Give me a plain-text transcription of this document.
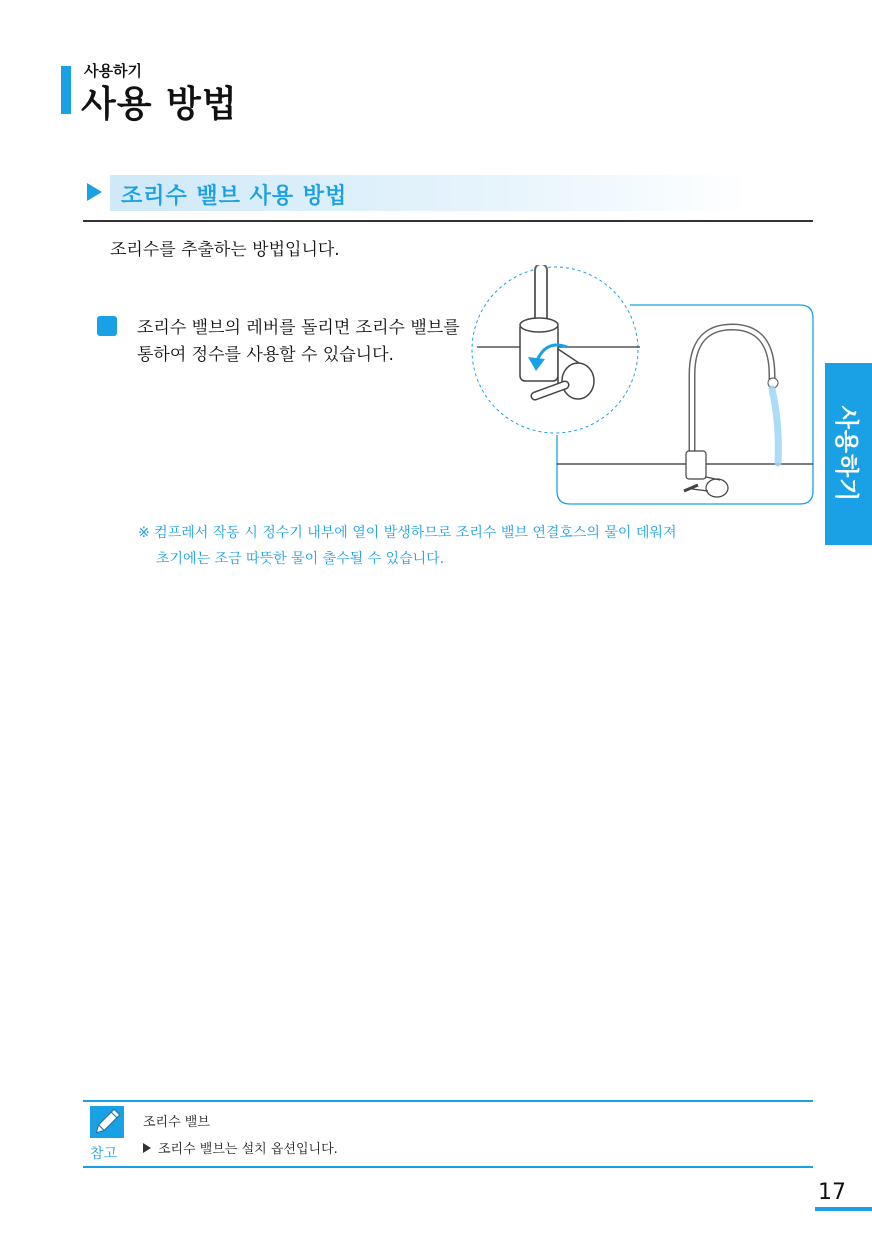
사용하기
사용 방법
조리수 밸브 사용 방법
조리수를 추출하는 방법입니다.
조리수 밸브의 레버를 돌리면 조리수 밸브를
통하여 정수를 사용할 수 있습니다.
※ 컴프레서 작동 시 정수기 내부에 열이 발생하므로 조리수 밸브 연결호스의 물이 데워져
초기에는 조금 따뜻한 물이 출수될 수 있습니다.
사용하기
참고
조리수 밸브
조리수 밸브는 설치 옵션입니다.
17
